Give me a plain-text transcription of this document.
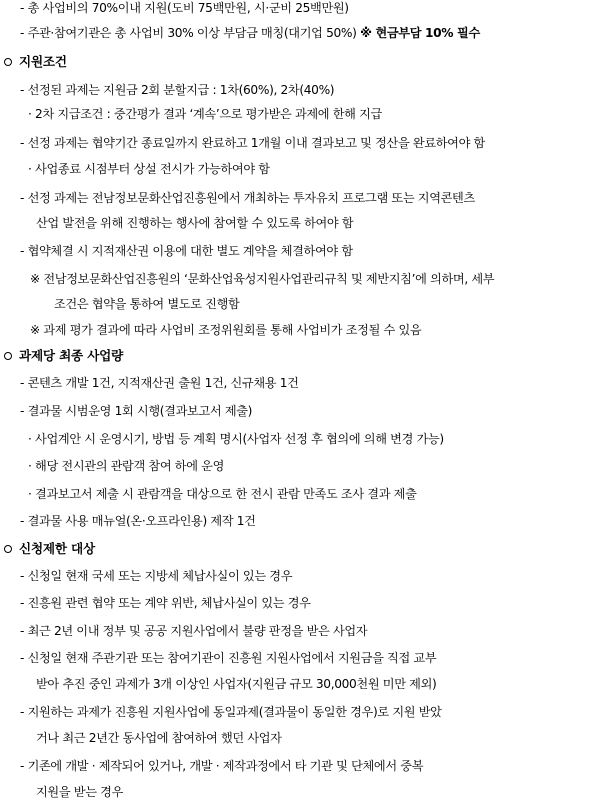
- 총 사업비의 70%이내 지원(도비 75백만원, 시·군비 25백만원)
- 주관·참여기관은 총 사업비 30% 이상 부담금 매칭(대기업 50%) ※ 현금부담 10% 필수
지원조건
- 선정된 과제는 지원금 2회 분할지급 : 1차(60%), 2차(40%)
· 2차 지급조건 : 중간평가 결과 ‘계속’으로 평가받은 과제에 한해 지급
- 선정 과제는 협약기간 종료일까지 완료하고 1개월 이내 결과보고 및 정산을 완료하여야 함
· 사업종료 시점부터 상설 전시가 가능하여야 함
- 선정 과제는 전남정보문화산업진흥원에서 개최하는 투자유치 프로그램 또는 지역콘텐츠
산업 발전을 위해 진행하는 행사에 참여할 수 있도록 하여야 함
- 협약체결 시 지적재산권 이용에 대한 별도 계약을 체결하여야 함
※ 전남정보문화산업진흥원의 ‘문화산업육성지원사업관리규칙 및 제반지침’에 의하며, 세부
조건은 협약을 통하여 별도로 진행함
※ 과제 평가 결과에 따라 사업비 조정위원회를 통해 사업비가 조정될 수 있음
과제당 최종 사업량
- 콘텐츠 개발 1건, 지적재산권 출원 1건, 신규채용 1건
- 결과물 시범운영 1회 시행(결과보고서 제출)
· 사업계안 시 운영시기, 방법 등 계획 명시(사업자 선정 후 협의에 의해 변경 가능)
· 해당 전시관의 관람객 참여 하에 운영
· 결과보고서 제출 시 관람객을 대상으로 한 전시 관람 만족도 조사 결과 제출
- 결과물 사용 매뉴얼(온·오프라인용) 제작 1건
신청제한 대상
- 신청일 현재 국세 또는 지방세 체납사실이 있는 경우
- 진흥원 관련 협약 또는 계약 위반, 체납사실이 있는 경우
- 최근 2년 이내 정부 및 공공 지원사업에서 불량 판정을 받은 사업자
- 신청일 현재 주관기관 또는 참여기관이 진흥원 지원사업에서 지원금을 직접 교부
받아 추진 중인 과제가 3개 이상인 사업자(지원금 규모 30,000천원 미만 제외)
- 지원하는 과제가 진흥원 지원사업에 동일과제(결과물이 동일한 경우)로 지원 받았
거나 최근 2년간 동사업에 참여하여 했던 사업자
- 기존에 개발 · 제작되어 있거나, 개발 · 제작과정에서 타 기관 및 단체에서 중복
지원을 받는 경우
